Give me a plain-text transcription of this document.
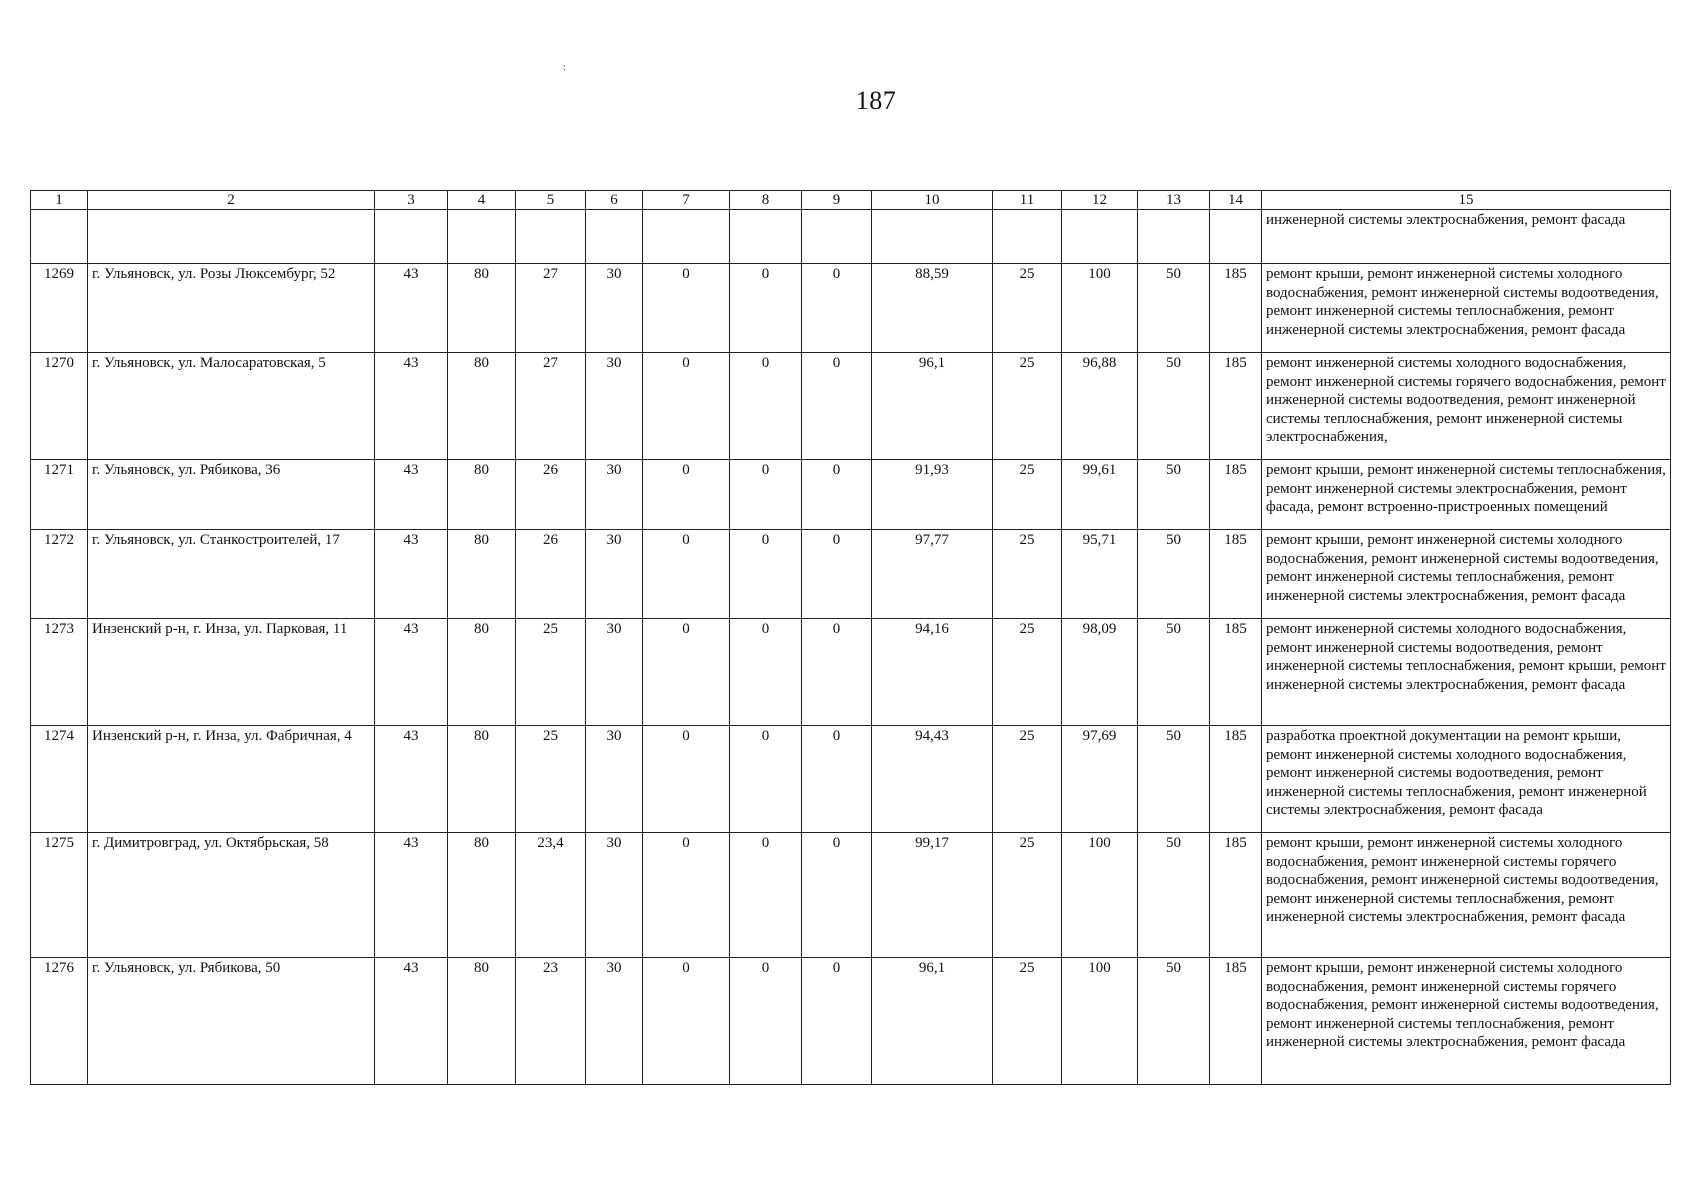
:
187
1	2	3	4	5	6	7	8	9	10	11	12	13	14	15
														инженерной системы электроснабжения, ремонт фасада
1269	г. Ульяновск, ул. Розы Люксембург, 52	43	80	27	30	0	0	0	88,59	25	100	50	185	ремонт крыши, ремонт инженерной системы холодного водоснабжения, ремонт инженерной системы водоотведения, ремонт инженерной системы теплоснабжения, ремонт инженерной системы электроснабжения, ремонт фасада
1270	г. Ульяновск, ул. Малосаратовская, 5	43	80	27	30	0	0	0	96,1	25	96,88	50	185	ремонт инженерной системы холодного водоснабжения, ремонт инженерной системы горячего водоснабжения, ремонт инженерной системы водоотведения, ремонт инженерной системы теплоснабжения, ремонт инженерной системы электроснабжения,
1271	г. Ульяновск, ул. Рябикова, 36	43	80	26	30	0	0	0	91,93	25	99,61	50	185	ремонт крыши, ремонт инженерной системы теплоснабжения, ремонт инженерной системы электроснабжения, ремонт фасада, ремонт встроенно-пристроенных помещений
1272	г. Ульяновск, ул. Станкостроителей, 17	43	80	26	30	0	0	0	97,77	25	95,71	50	185	ремонт крыши, ремонт инженерной системы холодного водоснабжения, ремонт инженерной системы водоотведения, ремонт инженерной системы теплоснабжения, ремонт инженерной системы электроснабжения, ремонт фасада
1273	Инзенский р-н, г. Инза, ул. Парковая, 11	43	80	25	30	0	0	0	94,16	25	98,09	50	185	ремонт инженерной системы холодного водоснабжения, ремонт инженерной системы водоотведения, ремонт инженерной системы теплоснабжения, ремонт крыши, ремонт инженерной системы электроснабжения, ремонт фасада
1274	Инзенский р-н, г. Инза, ул. Фабричная, 4	43	80	25	30	0	0	0	94,43	25	97,69	50	185	разработка проектной документации на ремонт крыши, ремонт инженерной системы холодного водоснабжения, ремонт инженерной системы водоотведения, ремонт инженерной системы теплоснабжения, ремонт инженерной системы электроснабжения, ремонт фасада
1275	г. Димитровград, ул. Октябрьская, 58	43	80	23,4	30	0	0	0	99,17	25	100	50	185	ремонт крыши, ремонт инженерной системы холодного водоснабжения, ремонт инженерной системы горячего водоснабжения, ремонт инженерной системы водоотведения, ремонт инженерной системы теплоснабжения, ремонт инженерной системы электроснабжения, ремонт фасада
1276	г. Ульяновск, ул. Рябикова, 50	43	80	23	30	0	0	0	96,1	25	100	50	185	ремонт крыши, ремонт инженерной системы холодного водоснабжения, ремонт инженерной системы горячего водоснабжения, ремонт инженерной системы водоотведения, ремонт инженерной системы теплоснабжения, ремонт инженерной системы электроснабжения, ремонт фасада
